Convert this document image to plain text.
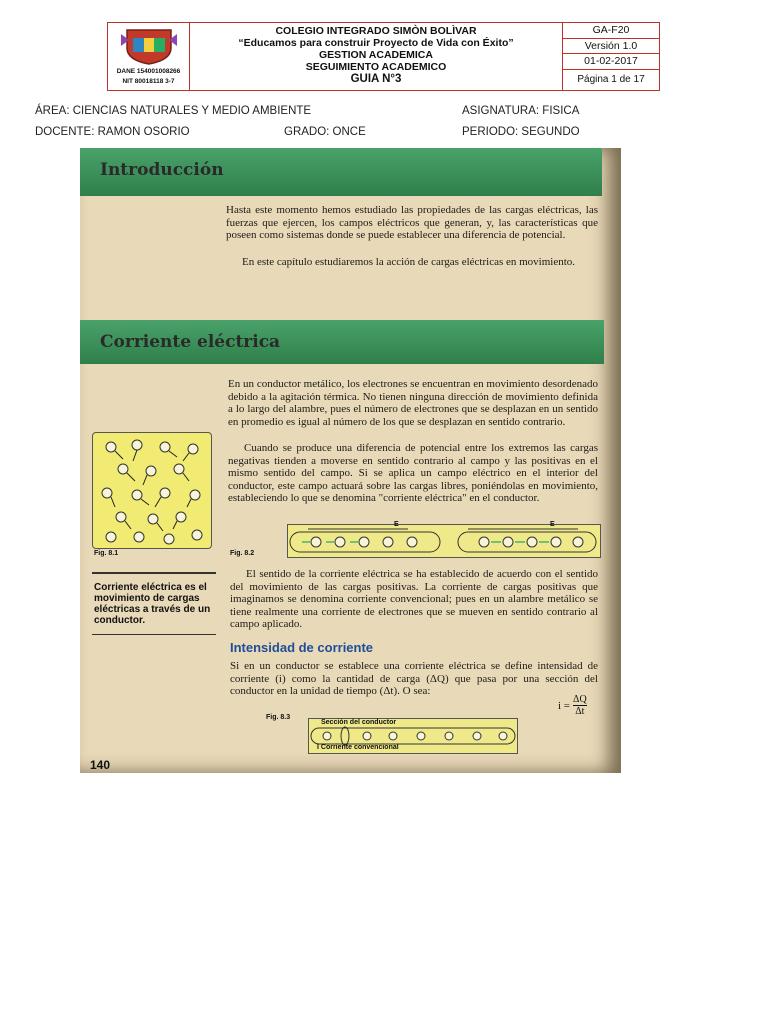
DANE 154001008266
NIT 80018118 3-7
COLEGIO INTEGRADO SIMÒN BOLÌVAR
“Educamos para construir Proyecto de Vida con Éxito”
GESTION ACADEMICA
SEGUIMIENTO ACADEMICO
GUIA N°3
GA-F20
Versión 1.0
01-02-2017
Página 1 de 17
ÁREA: CIENCIAS NATURALES Y MEDIO AMBIENTE	ASIGNATURA: FISICA
DOCENTE: RAMON OSORIO	GRADO: ONCE	PERIODO: SEGUNDO
Introducción
Hasta este momento hemos estudiado las propiedades de las cargas eléctricas, las fuerzas que ejercen, los campos eléctricos que generan, y, las características que poseen como sistemas donde se puede establecer una diferencia de potencial.
En este capítulo estudiaremos la acción de cargas eléctricas en movimiento.
Corriente eléctrica
En un conductor metálico, los electrones se encuentran en movimiento desordenado debido a la agitación térmica. No tienen ninguna dirección de movimiento definida a lo largo del alambre, pues el número de electrones que se desplazan en un sentido en promedio es igual al número de los que se desplazan en sentido contrario.
Cuando se produce una diferencia de potencial entre los extremos las cargas negativas tienden a moverse en sentido contrario al campo y las positivas en el mismo sentido del campo. Si se aplica un campo eléctrico en el interior del conductor, este campo actuará sobre las cargas libres, poniéndolas en movimiento, estableciendo lo que se denomina "corriente eléctrica" en el conductor.
Fig. 8.1
E	E
Fig. 8.2
Corriente eléctrica es el movimiento de cargas eléctricas a través de un conductor.
El sentido de la corriente eléctrica se ha establecido de acuerdo con el sentido del movimiento de las cargas positivas. La corriente de cargas positivas que imaginamos se denomina corriente convencional; pues en un alambre metálico se tiene realmente una corriente de electrones que se mueven en sentido contrario al campo aplicado.
Intensidad de corriente
Si en un conductor se establece una corriente eléctrica se define intensidad de corriente (i) como la cantidad de carga (ΔQ) que pasa por una sección del conductor en la unidad de tiempo (Δt). O sea:
$i = \frac{\Delta Q}{\Delta t}$
Fig. 8.3
Sección del conductor
I Corriente convencional
140
